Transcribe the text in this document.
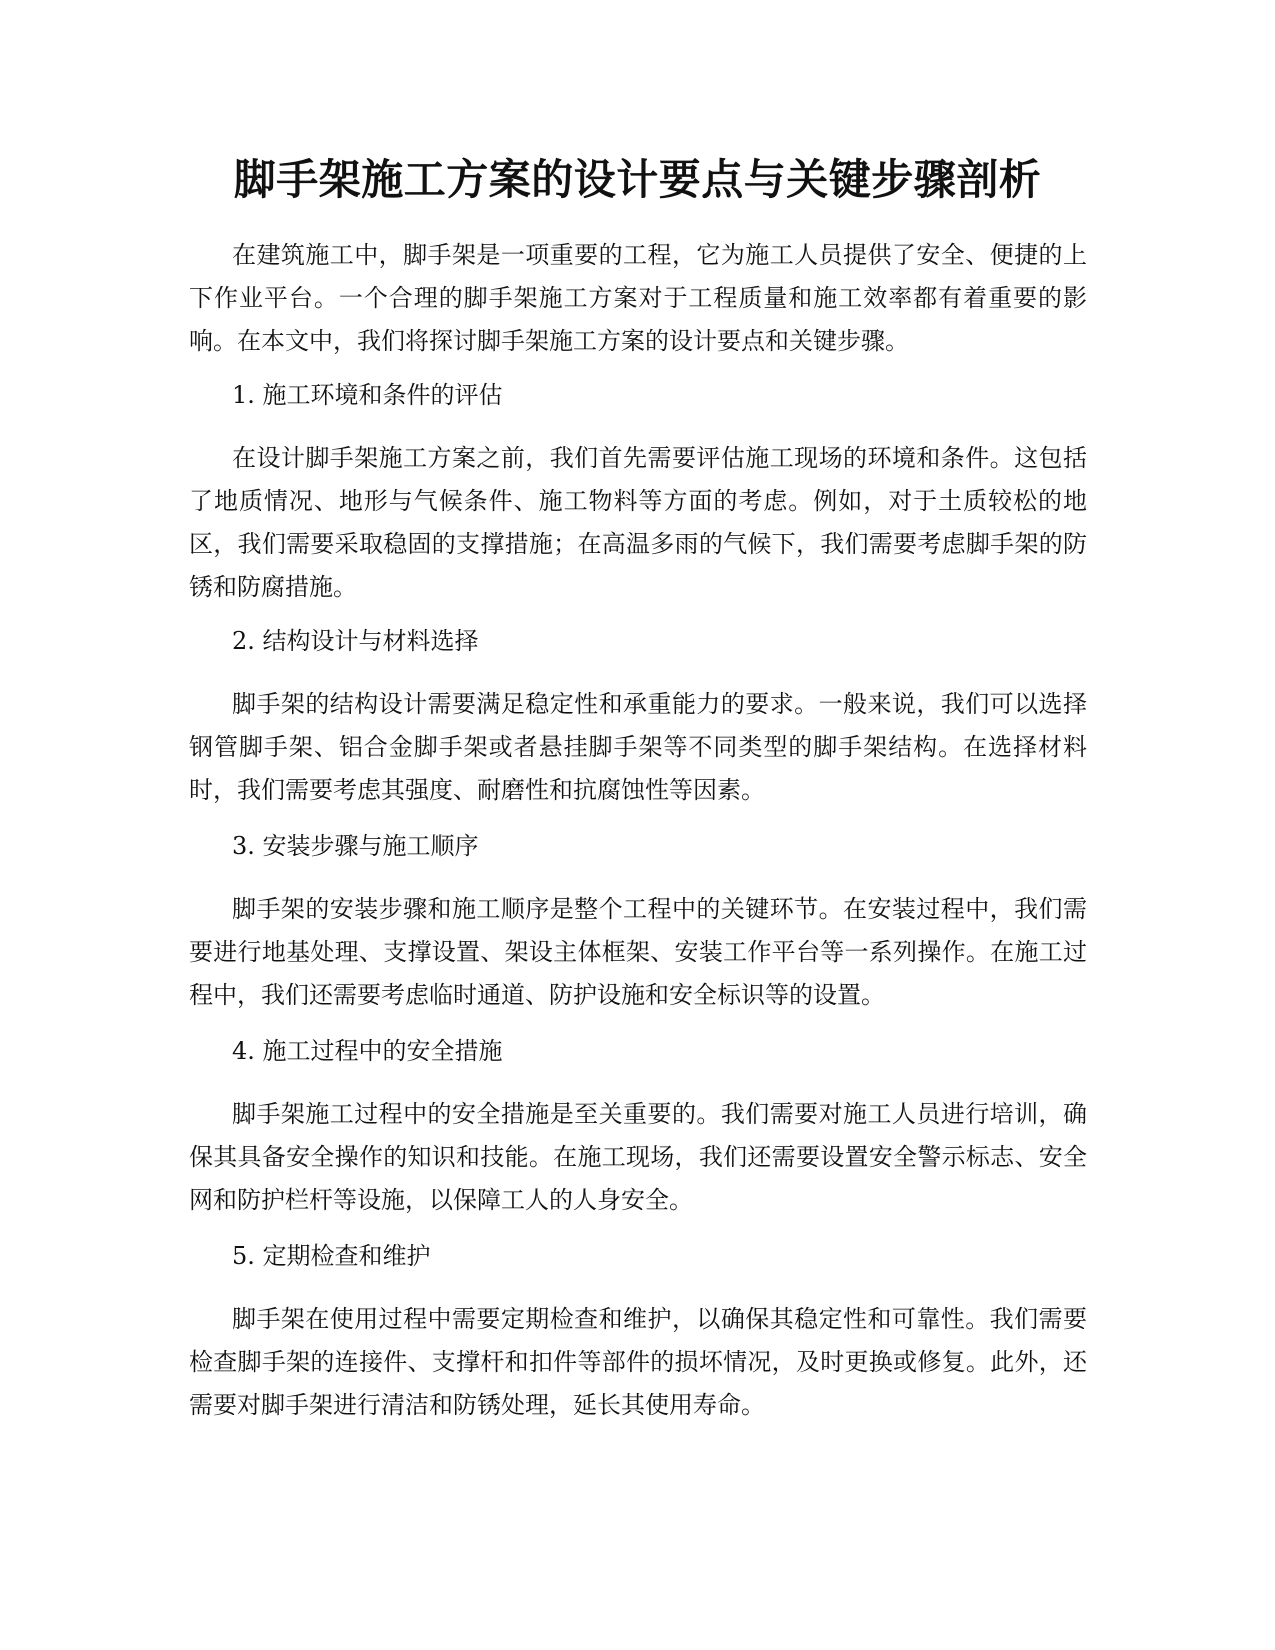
脚手架施工方案的设计要点与关键步骤剖析

在建筑施工中，脚手架是一项重要的工程，它为施工人员提供了安全、便捷的上下作业平台。一个合理的脚手架施工方案对于工程质量和施工效率都有着重要的影响。在本文中，我们将探讨脚手架施工方案的设计要点和关键步骤。

1. 施工环境和条件的评估

在设计脚手架施工方案之前，我们首先需要评估施工现场的环境和条件。这包括了地质情况、地形与气候条件、施工物料等方面的考虑。例如，对于土质较松的地区，我们需要采取稳固的支撑措施；在高温多雨的气候下，我们需要考虑脚手架的防锈和防腐措施。

2. 结构设计与材料选择

脚手架的结构设计需要满足稳定性和承重能力的要求。一般来说，我们可以选择钢管脚手架、铝合金脚手架或者悬挂脚手架等不同类型的脚手架结构。在选择材料时，我们需要考虑其强度、耐磨性和抗腐蚀性等因素。

3. 安装步骤与施工顺序

脚手架的安装步骤和施工顺序是整个工程中的关键环节。在安装过程中，我们需要进行地基处理、支撑设置、架设主体框架、安装工作平台等一系列操作。在施工过程中，我们还需要考虑临时通道、防护设施和安全标识等的设置。

4. 施工过程中的安全措施

脚手架施工过程中的安全措施是至关重要的。我们需要对施工人员进行培训，确保其具备安全操作的知识和技能。在施工现场，我们还需要设置安全警示标志、安全网和防护栏杆等设施，以保障工人的人身安全。

5. 定期检查和维护

脚手架在使用过程中需要定期检查和维护，以确保其稳定性和可靠性。我们需要检查脚手架的连接件、支撑杆和扣件等部件的损坏情况，及时更换或修复。此外，还需要对脚手架进行清洁和防锈处理，延长其使用寿命。
